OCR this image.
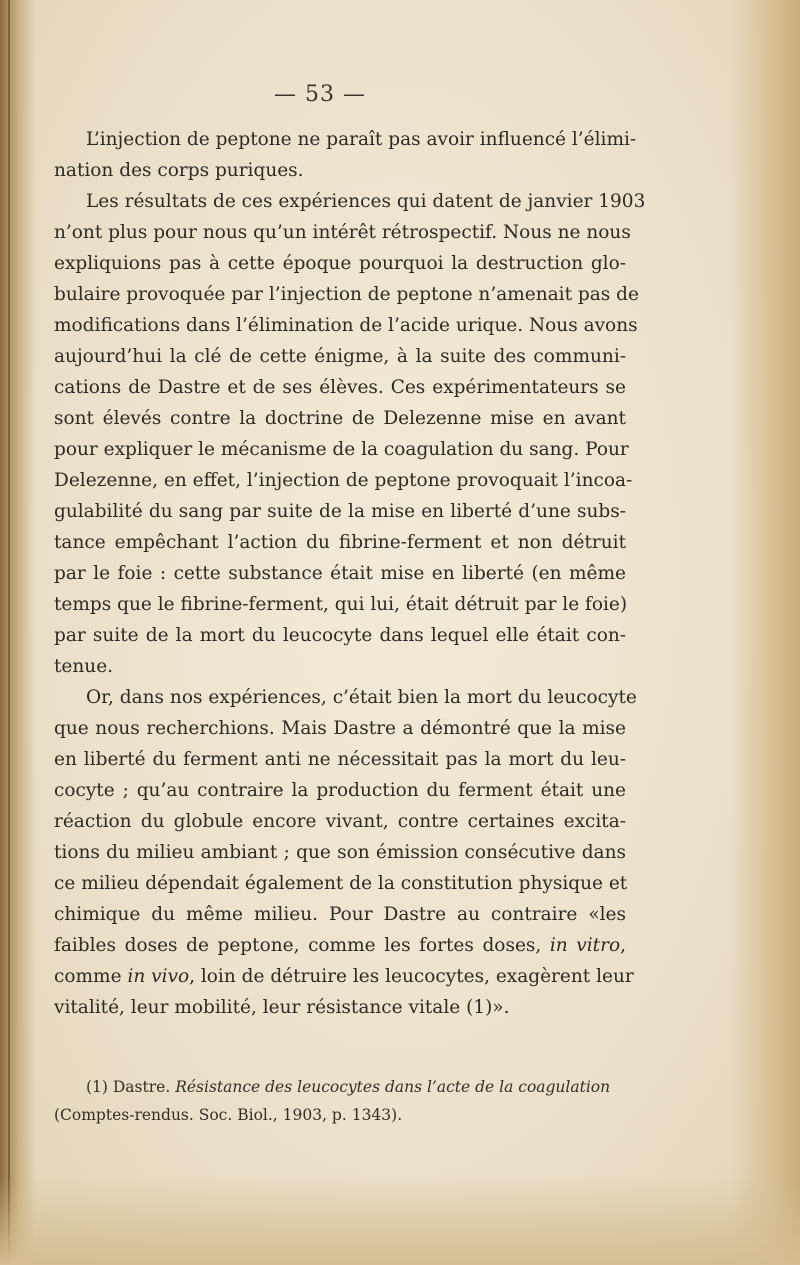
— 53 —
L’injection de peptone ne paraît pas avoir influencé l’élimi-
nation des corps puriques.
Les résultats de ces expériences qui datent de janvier 1903
n’ont plus pour nous qu’un intérêt rétrospectif. Nous ne nous
expliquions pas à cette époque pourquoi la destruction glo-
bulaire provoquée par l’injection de peptone n’amenait pas de
modifications dans l’élimination de l’acide urique. Nous avons
aujourd’hui la clé de cette énigme, à la suite des communi-
cations de Dastre et de ses élèves. Ces expérimentateurs se
sont élevés contre la doctrine de Delezenne mise en avant
pour expliquer le mécanisme de la coagulation du sang. Pour
Delezenne, en effet, l’injection de peptone provoquait l’incoa-
gulabilité du sang par suite de la mise en liberté d’une subs-
tance empêchant l’action du fibrine-ferment et non détruit
par le foie : cette substance était mise en liberté (en même
temps que le fibrine-ferment, qui lui, était détruit par le foie)
par suite de la mort du leucocyte dans lequel elle était con-
tenue.
Or, dans nos expériences, c’était bien la mort du leucocyte
que nous recherchions. Mais Dastre a démontré que la mise
en liberté du ferment anti ne nécessitait pas la mort du leu-
cocyte ; qu’au contraire la production du ferment était une
réaction du globule encore vivant, contre certaines excita-
tions du milieu ambiant ; que son émission consécutive dans
ce milieu dépendait également de la constitution physique et
chimique du même milieu. Pour Dastre au contraire «les
faibles doses de peptone, comme les fortes doses, in vitro,
comme in vivo, loin de détruire les leucocytes, exagèrent leur
vitalité, leur mobilité, leur résistance vitale (1)».
(1) Dastre. Résistance des leucocytes dans l’acte de la coagulation
(Comptes-rendus. Soc. Biol., 1903, p. 1343).
